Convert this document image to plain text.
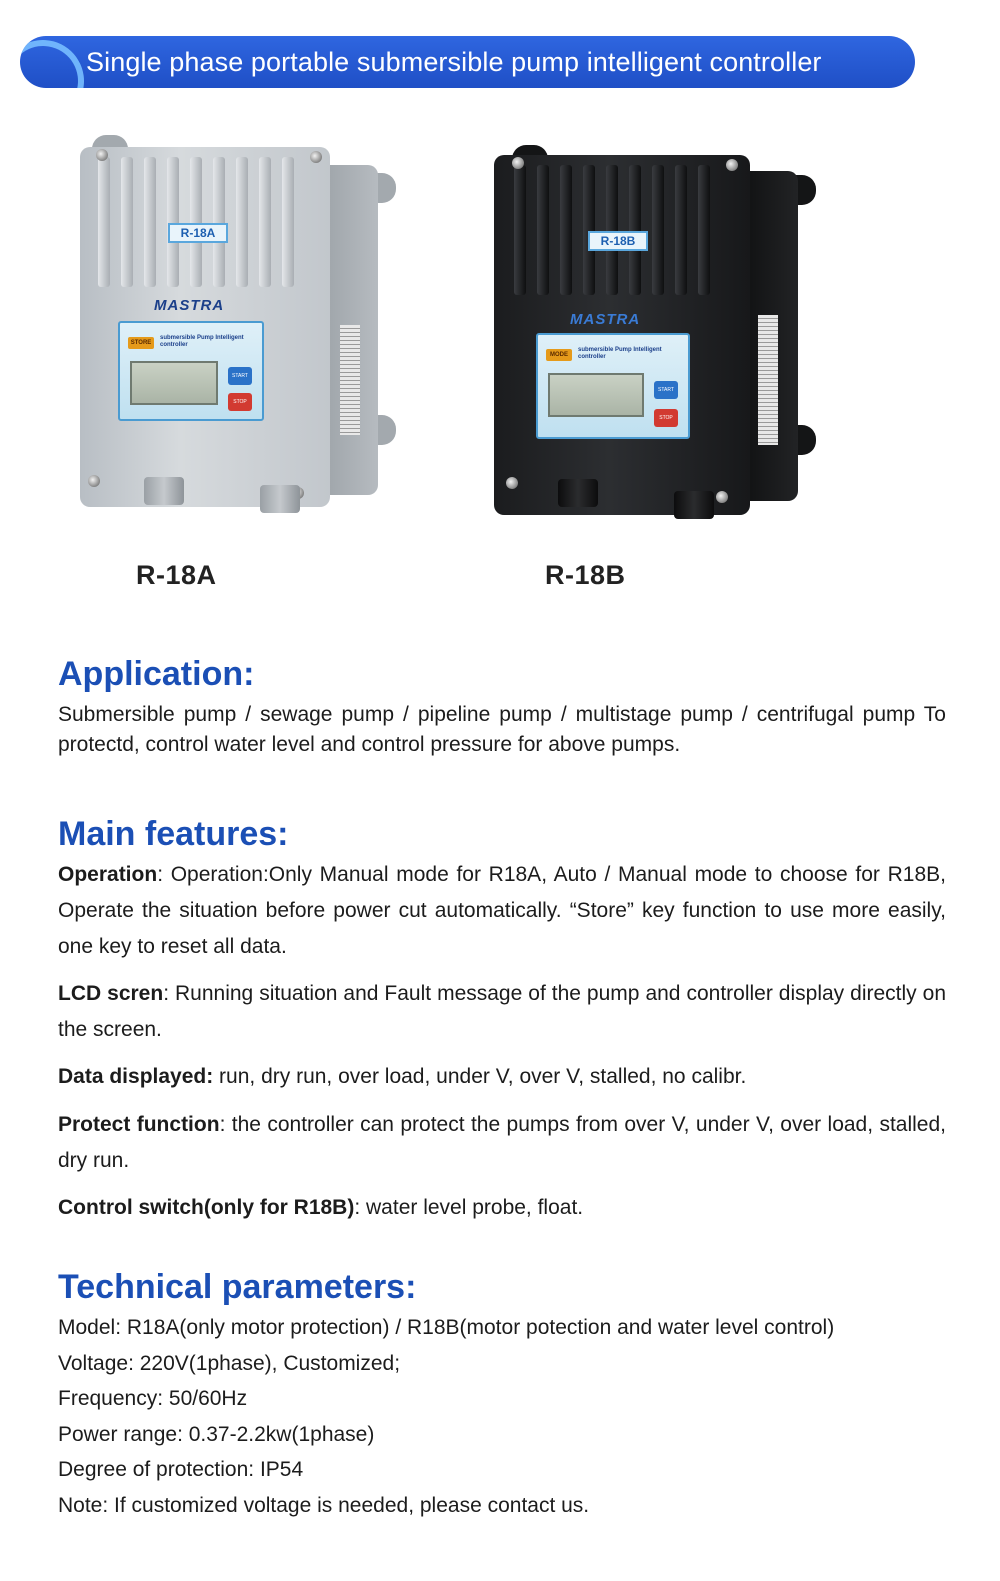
Single phase portable submersible pump intelligent controller
R-18A
MASTRA
STORE
submersible Pump Intelligent controller
START
STOP
R-18B
MASTRA
MODE
submersible Pump Intelligent controller
START
STOP
R-18A	R-18B
Application:
Submersible pump / sewage pump / pipeline pump / multistage pump / centrifugal pump To protectd, control water level and control pressure for above pumps.
Main features:
Operation: Operation:Only Manual mode for R18A, Auto / Manual mode to choose for R18B, Operate the situation before power cut automatically. “Store” key function to use more easily, one key to reset all data.
LCD scren: Running situation and Fault message of the pump and controller display directly on the screen.
Data displayed: run, dry run, over load, under V, over V, stalled, no calibr.
Protect function: the controller can protect the pumps from over V, under V, over load, stalled, dry run.
Control switch(only for R18B): water level probe, float.
Technical parameters:
Model: R18A(only motor protection) / R18B(motor potection and water level control)
Voltage: 220V(1phase), Customized;
Frequency: 50/60Hz
Power range: 0.37-2.2kw(1phase)
Degree of protection: IP54
Note: If customized voltage is needed, please contact us.
